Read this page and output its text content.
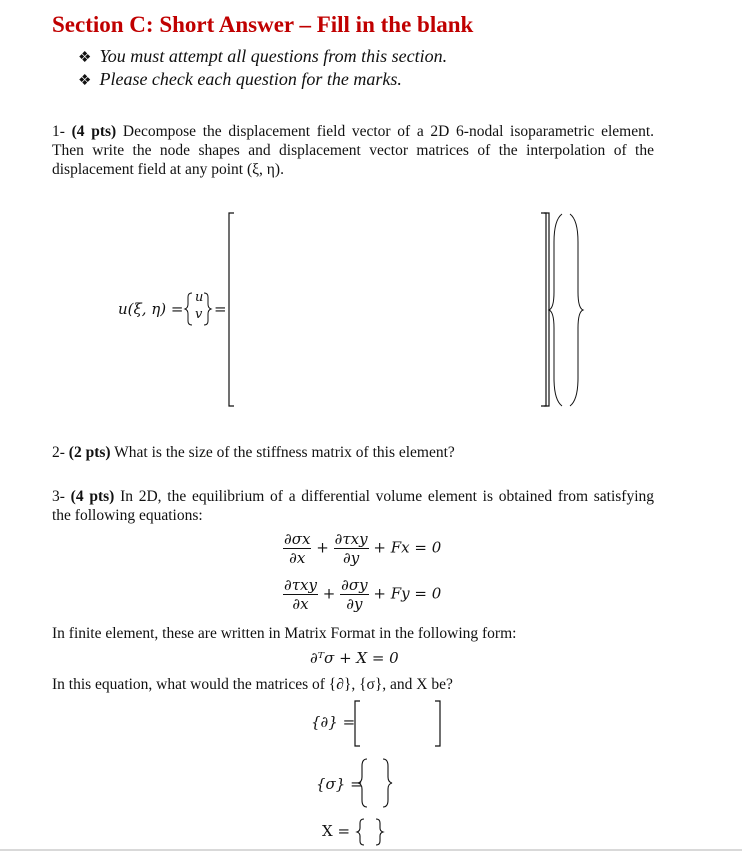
Section C: Short Answer – Fill in the blank
❖ You must attempt all questions from this section.
❖ Please check each question for the marks.
1- (4 pts) Decompose the displacement field vector of a 2D 6-nodal isoparametric element.
Then write the node shapes and displacement vector matrices of the interpolation of the
displacement field at any point (ξ, η).
u(ξ, η) =
u
v =
2- (2 pts) What is the size of the stiffness matrix of this element?
3- (4 pts) In 2D, the equilibrium of a differential volume element is obtained from satisfying
the following equations:
$\frac{\partial\sigma x}{\partial x} + \frac{\text{∂τxy}}{\partial y} + Fx = 0$
$\frac{\text{∂τxy}}{\partial x} + \frac{\partial\sigma y}{\partial y} + Fy = 0$
In finite element, these are written in Matrix Format in the following form:
∂ᵀσ + X = 0
In this equation, what would the matrices of {∂}, {σ}, and X be?
{∂} =
{σ} =
X =
